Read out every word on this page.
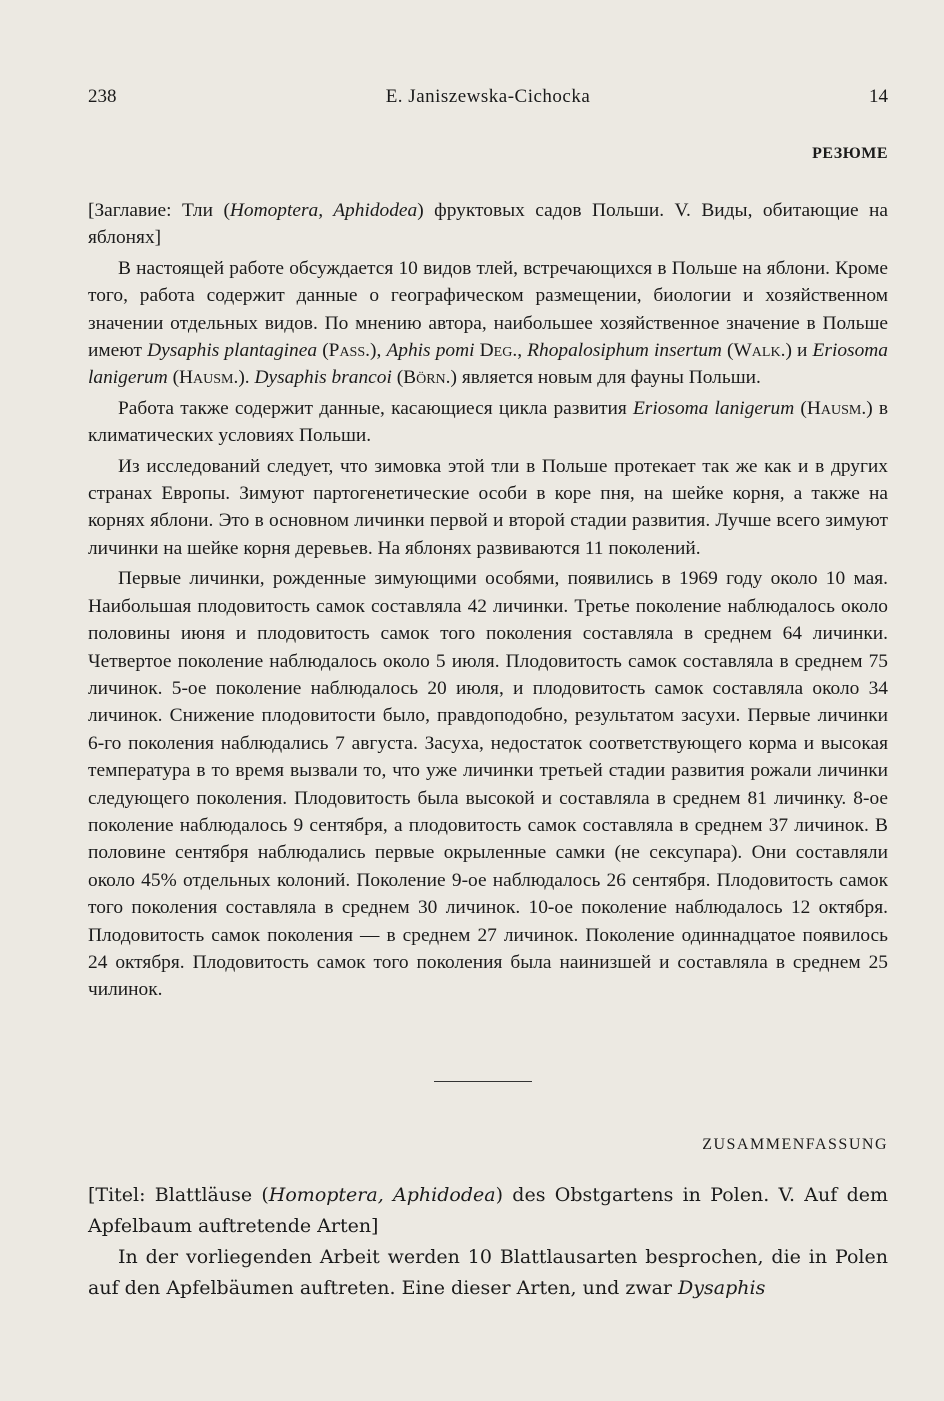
238	E. Janiszewska-Cichocka	14
РЕЗЮМЕ

[Заглавие: Тли (Homoptera, Aphidodea) фруктовых садов Польши. V. Виды, обитающие на яблонях]

В настоящей работе обсуждается 10 видов тлей, встречающихся в Польше на яблони. Кроме того, работа содержит данные о географическом размещении, биологии и хозяйственном значении отдельных видов. По мнению автора, наибольшее хозяйственное значение в Польше имеют Dysaphis plantaginea (Pass.), Aphis pomi Deg., Rhopalosiphum insertum (Walk.) и Eriosoma lanigerum (Hausm.). Dysaphis brancoi (Börn.) является новым для фауны Польши.

Работа также содержит данные, касающиеся цикла развития Eriosoma lanigerum (Hausm.) в климатических условиях Польши.

Из исследований следует, что зимовка этой тли в Польше протекает так же как и в других странах Европы. Зимуют партогенетические особи в коре пня, на шейке корня, а также на корнях яблони. Это в основном личинки первой и второй стадии развития. Лучше всего зимуют личинки на шейке корня деревьев. На яблонях развиваются 11 поколений.

Первые личинки, рожденные зимующими особями, появились в 1969 году около 10 мая. Наибольшая плодовитость самок составляла 42 личинки. Третье поколение наблюдалось около половины июня и плодовитость самок того поколения составляла в среднем 64 личинки. Четвертое поколение наблюдалось около 5 июля. Плодовитость самок составляла в среднем 75 личинок. 5-ое поколение наблюдалось 20 июля, и плодовитость самок составляла около 34 личинок. Снижение плодовитости было, правдоподобно, результатом засухи. Первые личинки 6-го поколения наблюдались 7 августа. Засуха, недостаток соответствующего корма и высокая температура в то время вызвали то, что уже личинки третьей стадии развития рожали личинки следующего поколения. Плодовитость была высокой и составляла в среднем 81 личинку. 8-ое поколение наблюдалось 9 сентября, а плодовитость самок составляла в среднем 37 личинок. В половине сентября наблюдались первые окрыленные самки (не сексупара). Они составляли около 45% отдельных колоний. Поколение 9-ое наблюдалось 26 сентября. Плодовитость самок того поколения составляла в среднем 30 личинок. 10-ое поколение наблюдалось 12 октября. Плодовитость самок поколения — в среднем 27 личинок. Поколение одиннадцатое появилось 24 октября. Плодовитость самок того поколения была наинизшей и составляла в среднем 25 чилинок.

ZUSAMMENFASSUNG

[Titel: Blattläuse (Homoptera, Aphidodea) des Obstgartens in Polen. V. Auf dem Apfelbaum auftretende Arten]

In der vorliegenden Arbeit werden 10 Blattlausarten besprochen, die in Polen auf den Apfelbäumen auftreten. Eine dieser Arten, und zwar Dysaphis
